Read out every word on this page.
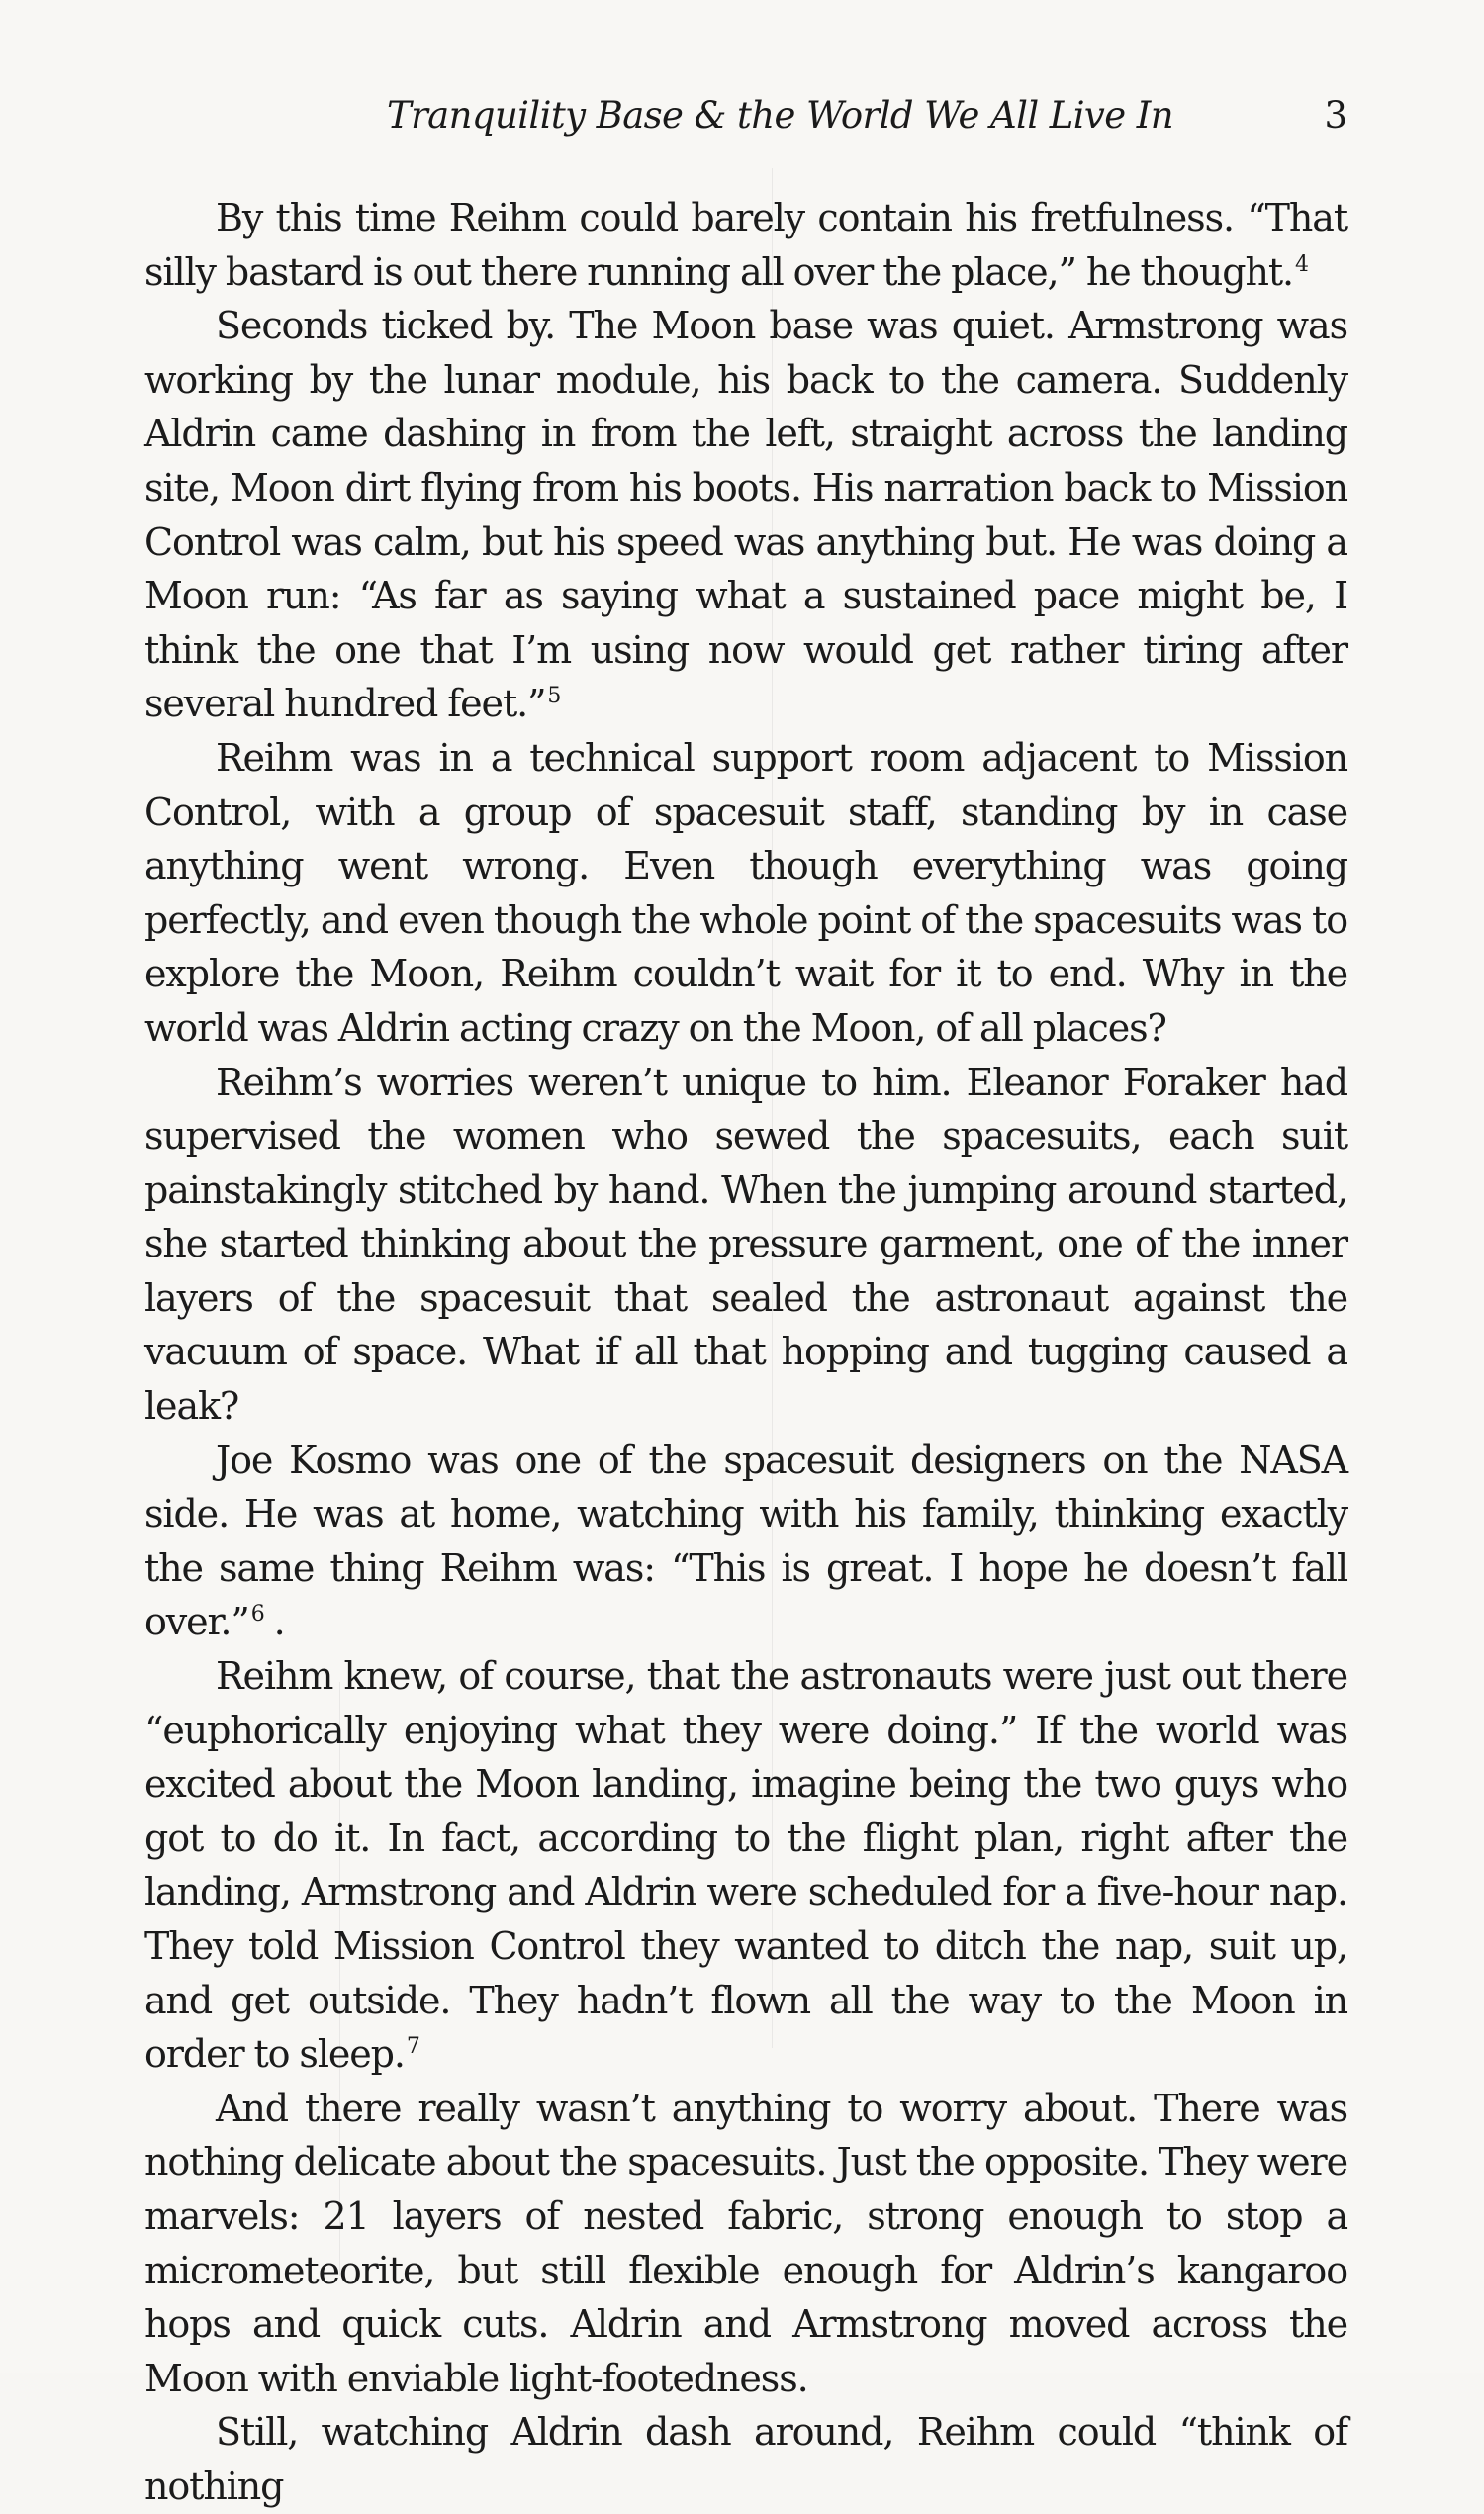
Tranquility Base & the World We All Live In	3

By this time Reihm could barely contain his fretfulness. “That silly bastard is out there running all over the place,” he thought.$^4$

Seconds ticked by. The Moon base was quiet. Armstrong was working by the lunar module, his back to the camera. Suddenly Aldrin came dashing in from the left, straight across the landing site, Moon dirt flying from his boots. His narration back to Mission Control was calm, but his speed was anything but. He was doing a Moon run: “As far as saying what a sustained pace might be, I think the one that I’m using now would get rather tiring after several hundred feet.”$^5$

Reihm was in a technical support room adjacent to Mission Control, with a group of spacesuit staff, standing by in case anything went wrong. Even though everything was going perfectly, and even though the whole point of the spacesuits was to explore the Moon, Reihm couldn’t wait for it to end. Why in the world was Aldrin acting crazy on the Moon, of all places?

Reihm’s worries weren’t unique to him. Eleanor Foraker had supervised the women who sewed the spacesuits, each suit painstakingly stitched by hand. When the jumping around started, she started thinking about the pressure garment, one of the inner layers of the spacesuit that sealed the astronaut against the vacuum of space. What if all that hopping and tugging caused a leak?

Joe Kosmo was one of the spacesuit designers on the NASA side. He was at home, watching with his family, thinking exactly the same thing Reihm was: “This is great. I hope he doesn’t fall over.”$^6$ .

Reihm knew, of course, that the astronauts were just out there “euphorically enjoying what they were doing.” If the world was excited about the Moon landing, imagine being the two guys who got to do it. In fact, according to the flight plan, right after the landing, Armstrong and Aldrin were scheduled for a five-hour nap. They told Mission Control they wanted to ditch the nap, suit up, and get outside. They hadn’t flown all the way to the Moon in order to sleep.$^7$

And there really wasn’t anything to worry about. There was nothing delicate about the spacesuits. Just the opposite. They were marvels: 21 layers of nested fabric, strong enough to stop a micrometeorite, but still flexible enough for Aldrin’s kangaroo hops and quick cuts. Aldrin and Armstrong moved across the Moon with enviable light-footedness.

Still, watching Aldrin dash around, Reihm could “think of nothing
